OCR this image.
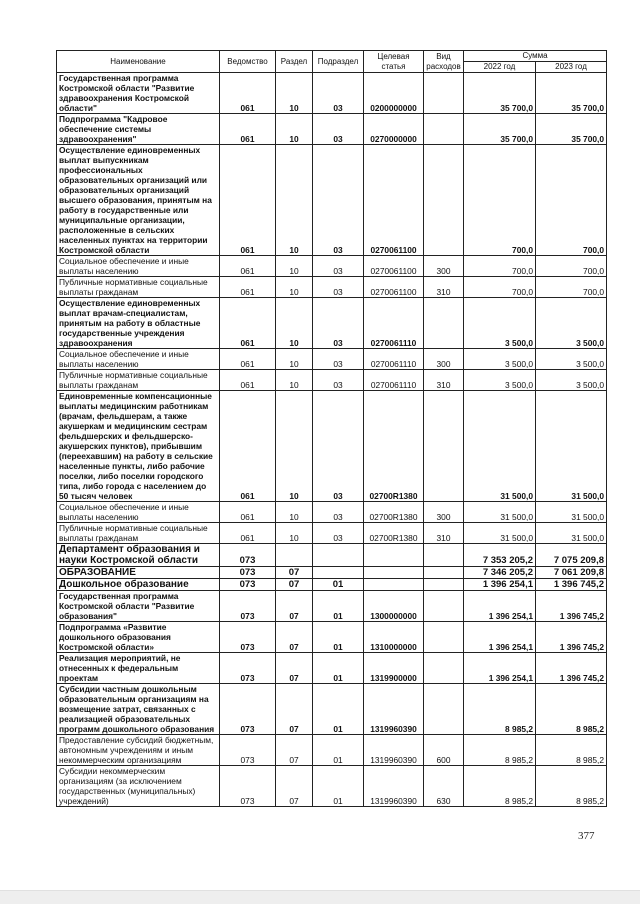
Наименование	Ведомство	Раздел	Подраздел	Целевая статья	Вид расходов	Сумма	
						2022 год	2023 год
Государственная программа Костромской области "Развитие здравоохранения Костромской области"	061	10	03	0200000000		35 700,0	35 700,0
Подпрограмма "Кадровое обеспечение системы здравоохранения"	061	10	03	0270000000		35 700,0	35 700,0
Осуществление единовременных выплат выпускникам профессиональных образовательных организаций или образовательных организаций высшего образования, принятым на работу в государственные или муниципальные организации, расположенные в сельских населенных пунктах на территории Костромской области	061	10	03	0270061100		700,0	700,0
Социальное обеспечение и иные выплаты населению	061	10	03	0270061100	300	700,0	700,0
Публичные нормативные социальные выплаты гражданам	061	10	03	0270061100	310	700,0	700,0
Осуществление единовременных выплат врачам-специалистам, принятым на работу в областные государственные учреждения здравоохранения	061	10	03	0270061110		3 500,0	3 500,0
Социальное обеспечение и иные выплаты населению	061	10	03	0270061110	300	3 500,0	3 500,0
Публичные нормативные социальные выплаты гражданам	061	10	03	0270061110	310	3 500,0	3 500,0
Единовременные компенсационные выплаты медицинским работникам (врачам, фельдшерам, а также акушеркам и медицинским сестрам фельдшерских и фельдшерско-акушерских пунктов), прибывшим (переехавшим) на работу в сельские населенные пункты, либо рабочие поселки, либо поселки городского типа, либо города с населением до 50 тысяч человек	061	10	03	02700R1380		31 500,0	31 500,0
Социальное обеспечение и иные выплаты населению	061	10	03	02700R1380	300	31 500,0	31 500,0
Публичные нормативные социальные выплаты гражданам	061	10	03	02700R1380	310	31 500,0	31 500,0
Департамент образования и науки Костромской области	073					7 353 205,2	7 075 209,8
ОБРАЗОВАНИЕ	073	07				7 346 205,2	7 061 209,8
Дошкольное образование	073	07	01			1 396 254,1	1 396 745,2
Государственная программа Костромской области "Развитие образования"	073	07	01	1300000000		1 396 254,1	1 396 745,2
Подпрограмма «Развитие дошкольного образования Костромской области»	073	07	01	1310000000		1 396 254,1	1 396 745,2
Реализация мероприятий, не отнесенных к федеральным проектам	073	07	01	1319900000		1 396 254,1	1 396 745,2
Субсидии частным дошкольным образовательным организациям на возмещение затрат, связанных с реализацией образовательных программ дошкольного образования	073	07	01	1319960390		8 985,2	8 985,2
Предоставление субсидий бюджетным, автономным учреждениям и иным некоммерческим организациям	073	07	01	1319960390	600	8 985,2	8 985,2
Субсидии некоммерческим организациям (за исключением государственных (муниципальных) учреждений)	073	07	01	1319960390	630	8 985,2	8 985,2
377
